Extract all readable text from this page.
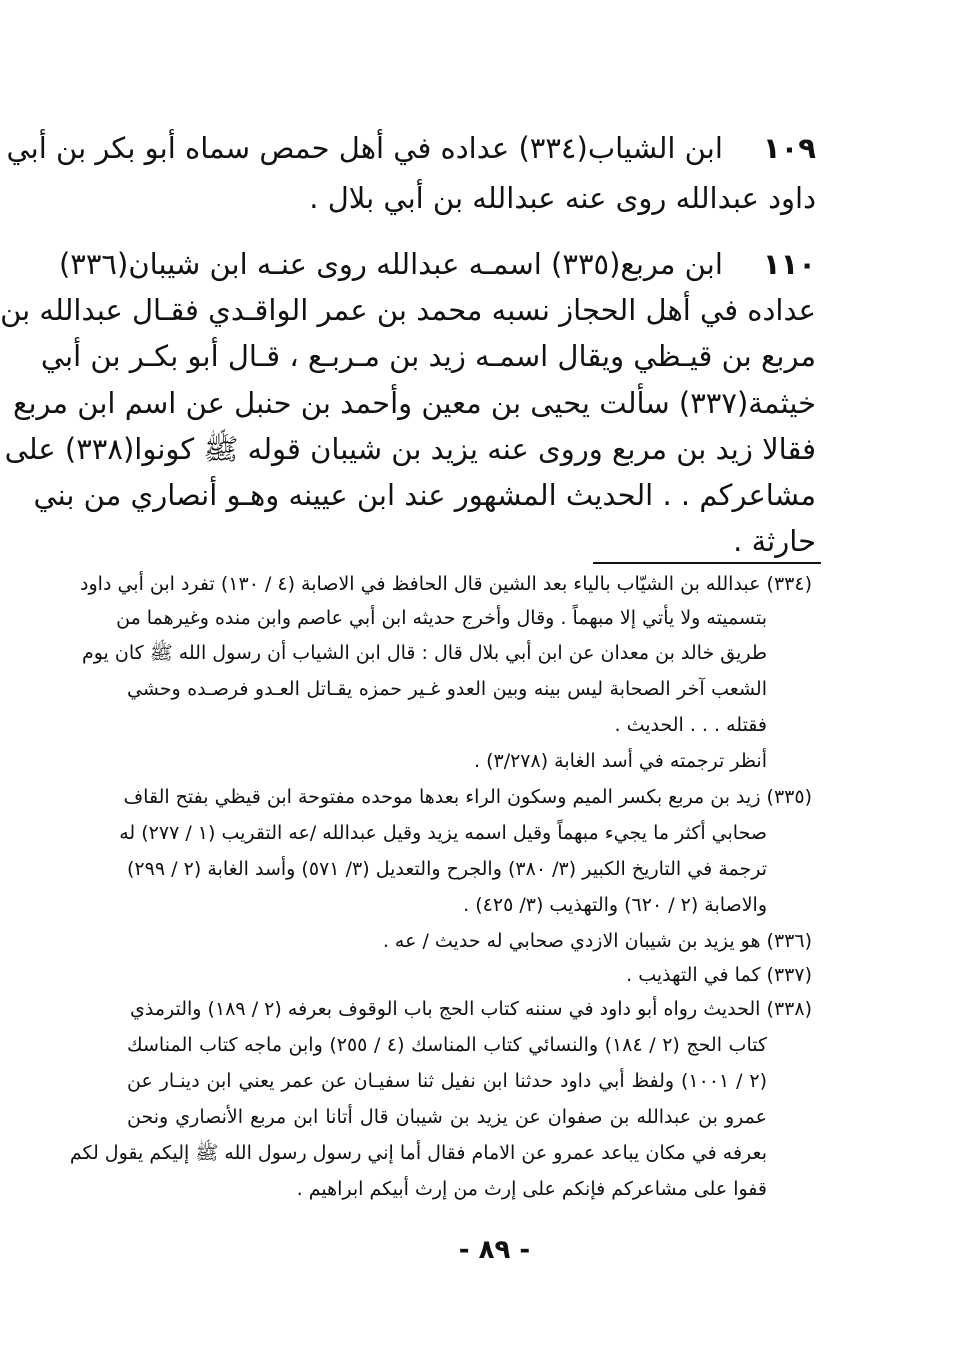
١٠٩ابن الشياب(٣٣٤) عداده في أهل حمص سماه أبو بكر بن أبي
داود عبدالله روى عنه عبدالله بن أبي بلال .
١١٠ابن مربع(٣٣٥) اسمـه عبدالله روى عنـه ابن شيبان(٣٣٦)
عداده في أهل الحجاز نسبه محمد بن عمر الواقـدي فقـال عبدالله بن
مربع بن قيـظي ويقال اسمـه زيد بن مـربـع ، قـال أبو بكـر بن أبي
خيثمة(٣٣٧) سألت يحيى بن معين وأحمد بن حنبل عن اسم ابن مربع
فقالا زيد بن مربع وروى عنه يزيد بن شيبان قوله ﷺ كونوا(٣٣٨) على
مشاعركم . . الحديث المشهور عند ابن عيينه وهـو أنصاري من بني
حارثة .
(٣٣٤) عبدالله بن الشيّاب بالياء بعد الشين قال الحافظ في الاصابة (٤ / ١٣٠) تفرد ابن أبي داود
بتسميته ولا يأتي إلا مبهماً . وقال وأخرج حديثه ابن أبي عاصم وابن منده وغيرهما من
طريق خالد بن معدان عن ابن أبي بلال قال : قال ابن الشياب أن رسول الله ﷺ كان يوم
الشعب آخر الصحابة ليس بينه وبين العدو غـير حمزه يقـاتل العـدو فرصـده وحشي
فقتله . . . الحديث .
أنظر ترجمته في أسد الغابة (٣/٢٧٨) .
(٣٣٥) زيد بن مربع بكسر الميم وسكون الراء بعدها موحده مفتوحة ابن قيظي بفتح القاف
صحابي أكثر ما يجيء مبهماً وقيل اسمه يزيد وقيل عبدالله /عه التقريب (١ / ٢٧٧) له
ترجمة في التاريخ الكبير (٣/ ٣٨٠) والجرح والتعديل (٣/ ٥٧١) وأسد الغابة (٢ / ٢٩٩)
والاصابة (٢ / ٦٢٠) والتهذيب (٣/ ٤٢٥) .
(٣٣٦) هو يزيد بن شيبان الازدي صحابي له حديث / عه .
(٣٣٧) كما في التهذيب .
(٣٣٨) الحديث رواه أبو داود في سننه كتاب الحج باب الوقوف بعرفه (٢ / ١٨٩) والترمذي
كتاب الحج (٢ / ١٨٤) والنسائي كتاب المناسك (٤ / ٢٥٥) وابن ماجه كتاب المناسك
(٢ / ١٠٠١) ولفظ أبي داود حدثنا ابن نفيل ثنا سفيـان عن عمر يعني ابن دينـار عن
عمرو بن عبدالله بن صفوان عن يزيد بن شيبان قال أتانا ابن مربع الأنصاري ونحن
بعرفه في مكان يباعد عمرو عن الامام فقال أما إني رسول رسول الله ﷺ إليكم يقول لكم
قفوا على مشاعركم فإنكم على إرث من إرث أبيكم ابراهيم .
- ٨٩ -
